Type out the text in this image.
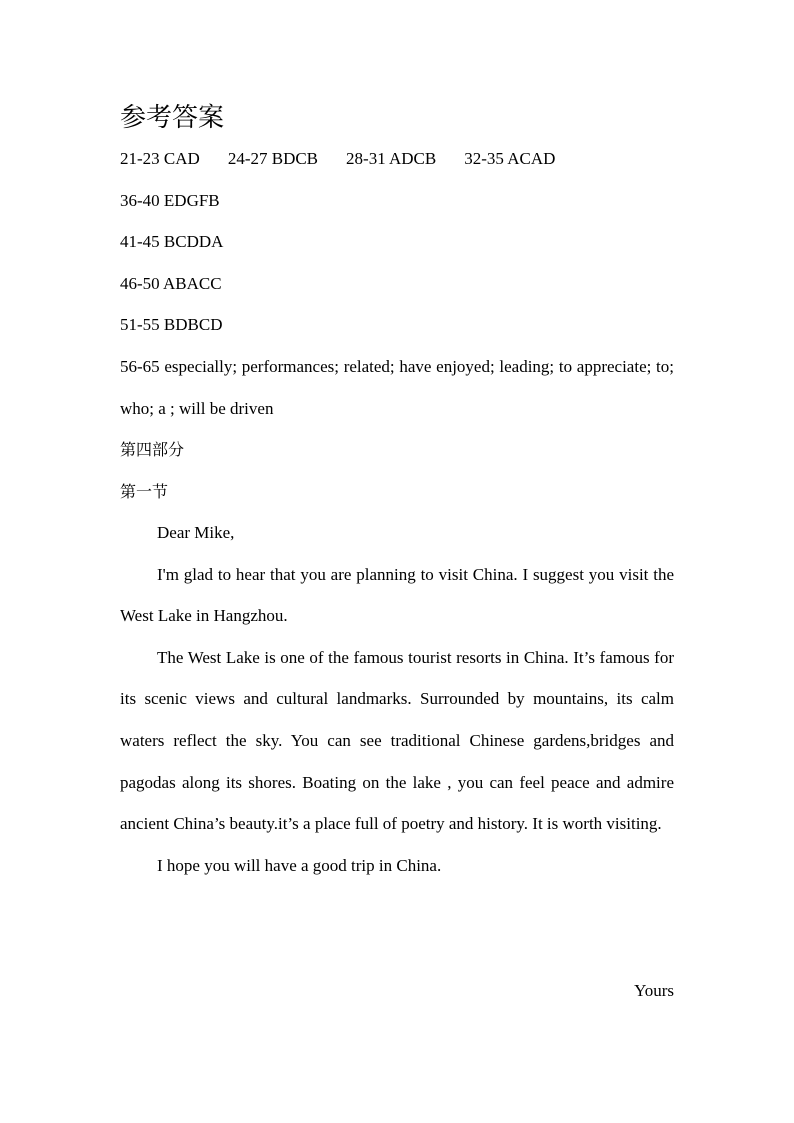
参考答案
21-23 CAD 24-27 BDCB 28-31 ADCB 32-35 ACAD
36-40 EDGFB
41-45 BCDDA
46-50 ABACC
51-55 BDBCD
56-65 especially; performances; related; have enjoyed; leading; to appreciate; to; who; a ; will be driven
第四部分
第一节

Dear Mike,

I'm glad to hear that you are planning to visit China. I suggest you visit the West Lake in Hangzhou.

The West Lake is one of the famous tourist resorts in China. It’s famous for its scenic views and cultural landmarks. Surrounded by mountains, its calm waters reflect the sky. You can see traditional Chinese gardens,bridges and pagodas along its shores. Boating on the lake , you can feel peace and admire ancient China’s beauty.it’s a place full of poetry and history. It is worth visiting.

I hope you will have a good trip in China.

Yours
